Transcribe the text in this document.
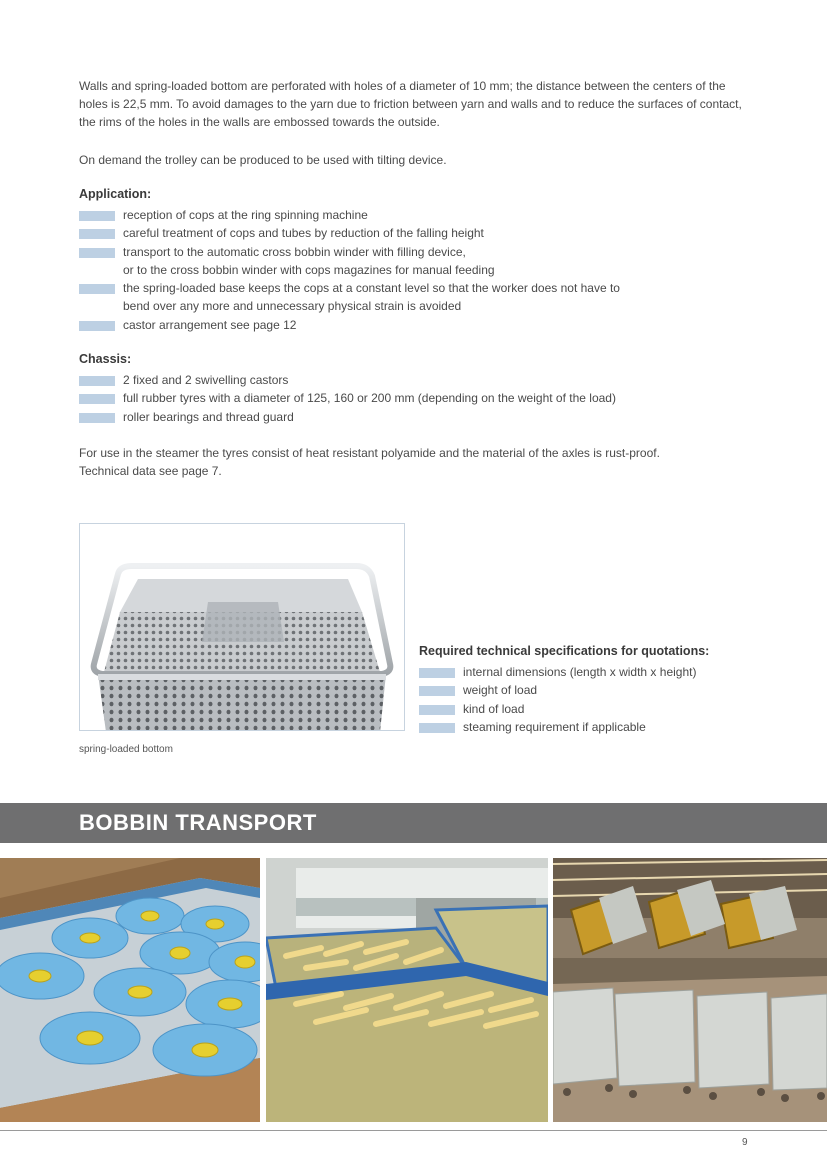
Walls and spring-loaded bottom are perforated with holes of a diameter of 10 mm; the distance between the centers of the
holes is 22,5 mm. To avoid damages to the yarn due to friction between yarn and walls and to reduce the surfaces of contact,
the rims of the holes in the walls are embossed towards the outside.
On demand the trolley can be produced to be used with tilting device.
Application:
reception of cops at the ring spinning machine
careful treatment of cops and tubes by reduction of the falling height
transport to the automatic cross bobbin winder with filling device,
or to the cross bobbin winder with cops magazines for manual feeding
the spring-loaded base keeps the cops at a constant level so that the worker does not have to
bend over any more and unnecessary physical strain is avoided
castor arrangement see page 12
Chassis:
2 fixed and 2 swivelling castors
full rubber tyres with a diameter of 125, 160 or 200 mm (depending on the weight of the load)
roller bearings and thread guard
For use in the steamer the tyres consist of heat resistant polyamide and the material of the axles is rust-proof.
Technical data see page 7.
spring-loaded bottom
Required technical specifications for quotations:
internal dimensions (length x width x height)
weight of load
kind of load
steaming requirement if applicable
BOBBIN TRANSPORT
9
